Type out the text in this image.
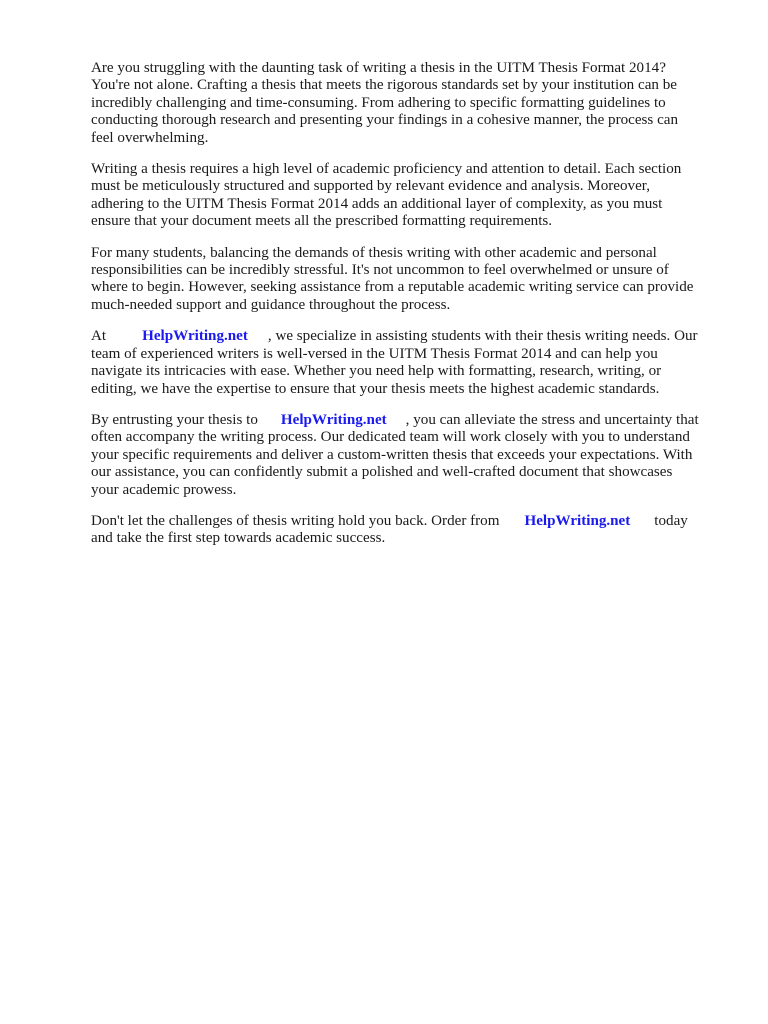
Are you struggling with the daunting task of writing a thesis in the UITM Thesis Format 2014?
You're not alone. Crafting a thesis that meets the rigorous standards set by your institution can be
incredibly challenging and time-consuming. From adhering to specific formatting guidelines to
conducting thorough research and presenting your findings in a cohesive manner, the process can
feel overwhelming.

Writing a thesis requires a high level of academic proficiency and attention to detail. Each section
must be meticulously structured and supported by relevant evidence and analysis. Moreover,
adhering to the UITM Thesis Format 2014 adds an additional layer of complexity, as you must
ensure that your document meets all the prescribed formatting requirements.

For many students, balancing the demands of thesis writing with other academic and personal
responsibilities can be incredibly stressful. It's not uncommon to feel overwhelmed or unsure of
where to begin. However, seeking assistance from a reputable academic writing service can provide
much-needed support and guidance throughout the process.

At HelpWriting.net , we specialize in assisting students with their thesis writing needs. Our
team of experienced writers is well-versed in the UITM Thesis Format 2014 and can help you
navigate its intricacies with ease. Whether you need help with formatting, research, writing, or
editing, we have the expertise to ensure that your thesis meets the highest academic standards.

By entrusting your thesis to HelpWriting.net , you can alleviate the stress and uncertainty that
often accompany the writing process. Our dedicated team will work closely with you to understand
your specific requirements and deliver a custom-written thesis that exceeds your expectations. With
our assistance, you can confidently submit a polished and well-crafted document that showcases
your academic prowess.

Don't let the challenges of thesis writing hold you back. Order from HelpWriting.net today
and take the first step towards academic success.
